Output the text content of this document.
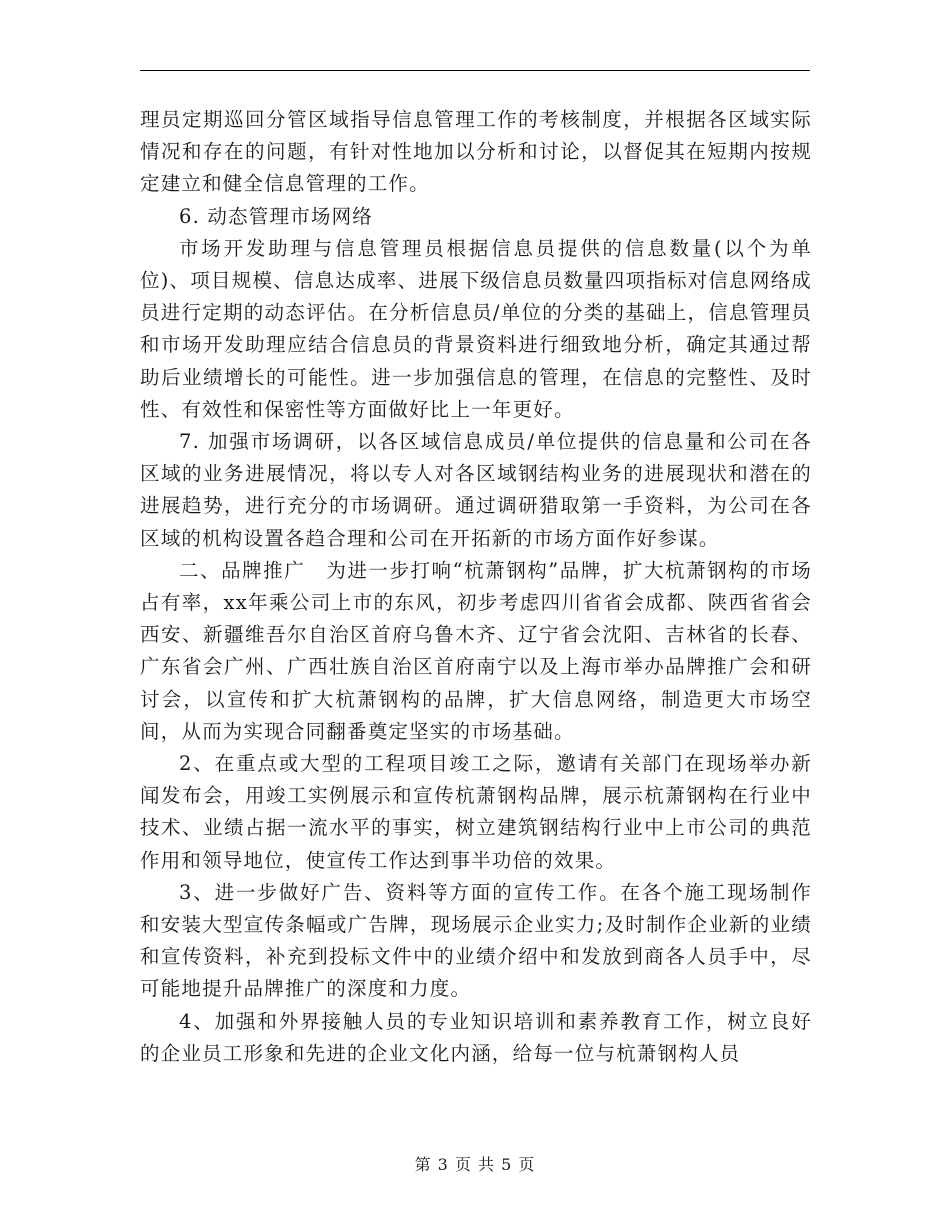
理员定期巡回分管区域指导信息管理工作的考核制度，并根据各区域实际情况和存在的问题，有针对性地加以分析和讨论，以督促其在短期内按规定建立和健全信息管理的工作。

6. 动态管理市场网络

市场开发助理与信息管理员根据信息员提供的信息数量(以个为单位)、项目规模、信息达成率、进展下级信息员数量四项指标对信息网络成员进行定期的动态评估。在分析信息员/单位的分类的基础上，信息管理员和市场开发助理应结合信息员的背景资料进行细致地分析，确定其通过帮助后业绩增长的可能性。进一步加强信息的管理，在信息的完整性、及时性、有效性和保密性等方面做好比上一年更好。

7. 加强市场调研，以各区域信息成员/单位提供的信息量和公司在各区域的业务进展情况，将以专人对各区域钢结构业务的进展现状和潜在的进展趋势，进行充分的市场调研。通过调研猎取第一手资料，为公司在各区域的机构设置各趋合理和公司在开拓新的市场方面作好参谋。

二、品牌推广　为进一步打响“杭萧钢构”品牌，扩大杭萧钢构的市场占有率，xx年乘公司上市的东风，初步考虑四川省省会成都、陕西省省会西安、新疆维吾尔自治区首府乌鲁木齐、辽宁省会沈阳、吉林省的长春、广东省会广州、广西壮族自治区首府南宁以及上海市举办品牌推广会和研讨会，以宣传和扩大杭萧钢构的品牌，扩大信息网络，制造更大市场空间，从而为实现合同翻番奠定坚实的市场基础。

2、在重点或大型的工程项目竣工之际，邀请有关部门在现场举办新闻发布会，用竣工实例展示和宣传杭萧钢构品牌，展示杭萧钢构在行业中技术、业绩占据一流水平的事实，树立建筑钢结构行业中上市公司的典范作用和领导地位，使宣传工作达到事半功倍的效果。

3、进一步做好广告、资料等方面的宣传工作。在各个施工现场制作和安装大型宣传条幅或广告牌，现场展示企业实力;及时制作企业新的业绩和宣传资料，补充到投标文件中的业绩介绍中和发放到商各人员手中，尽可能地提升品牌推广的深度和力度。

4、加强和外界接触人员的专业知识培训和素养教育工作，树立良好的企业员工形象和先进的企业文化内涵，给每一位与杭萧钢构人员

第 3 页 共 5 页
